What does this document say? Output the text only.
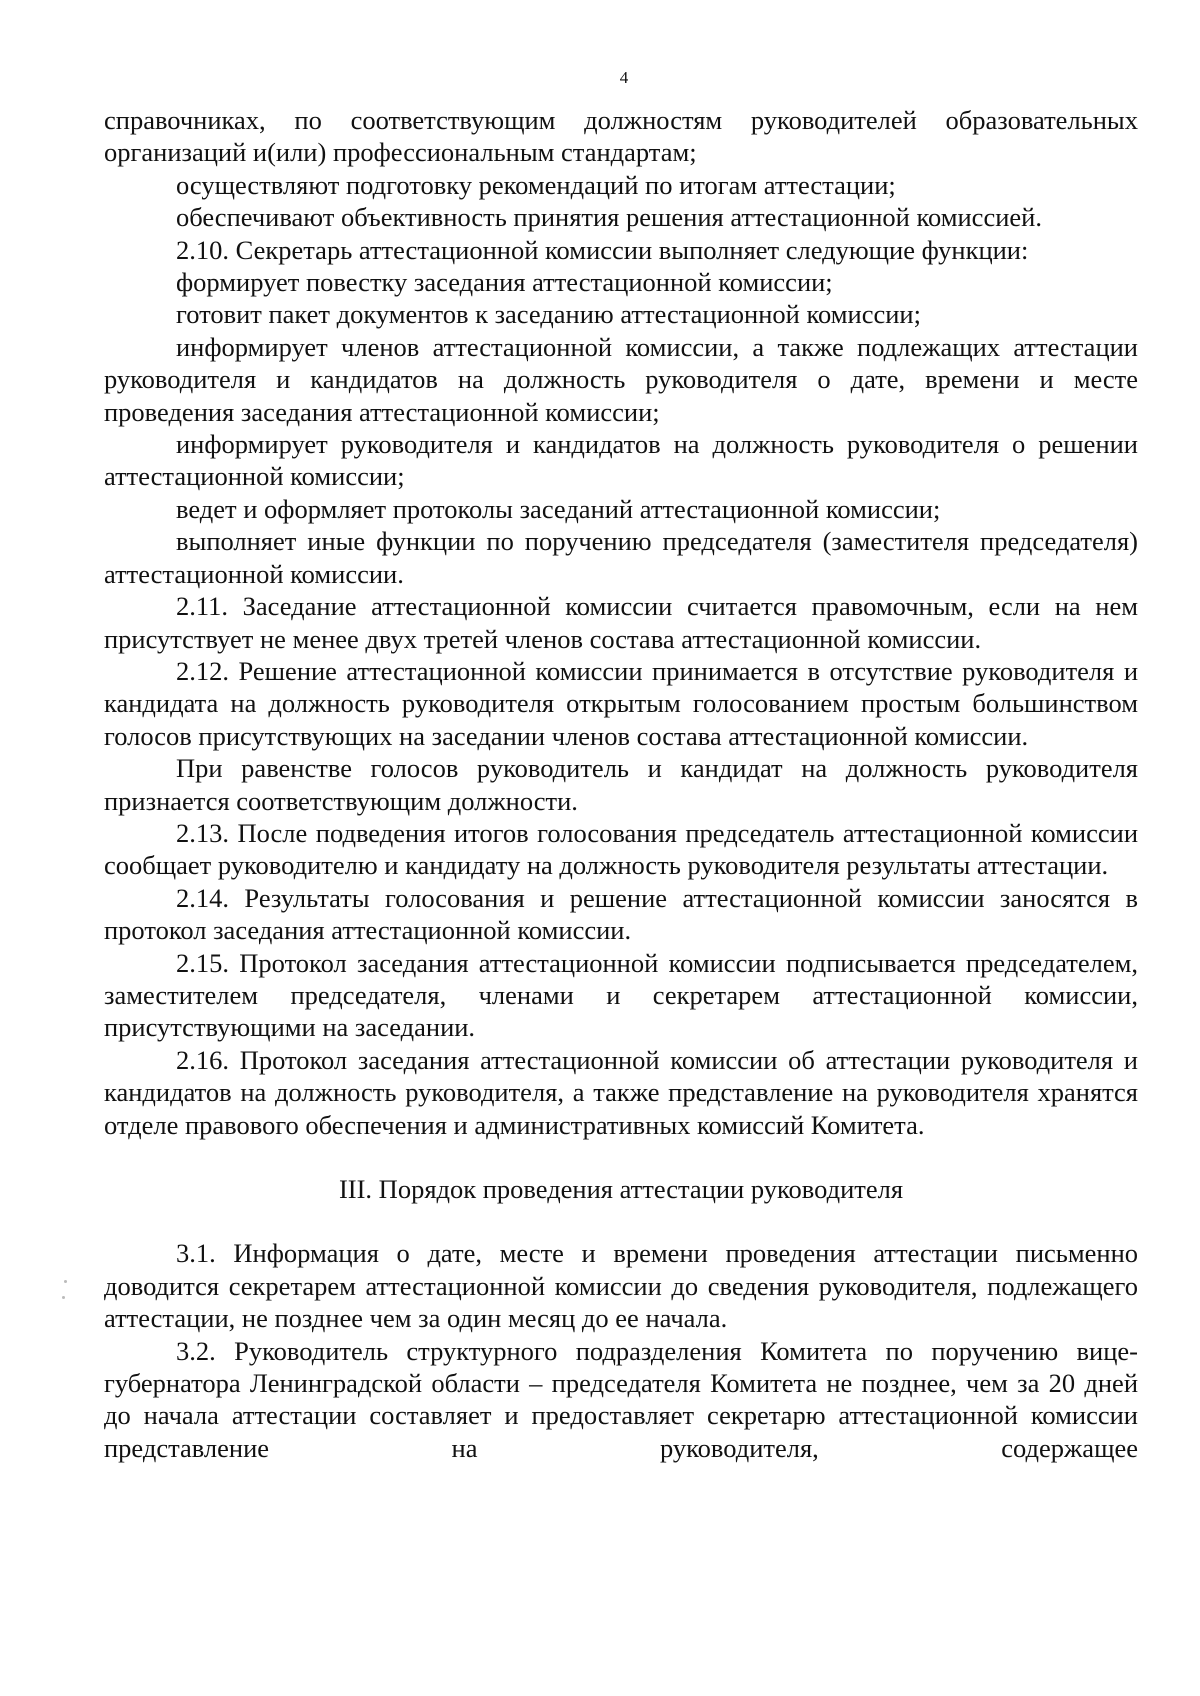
4

справочниках, по соответствующим должностям руководителей образовательных организаций и(или) профессиональным стандартам;

осуществляют подготовку рекомендаций по итогам аттестации;

обеспечивают объективность принятия решения аттестационной комиссией.

2.10. Секретарь аттестационной комиссии выполняет следующие функции:

формирует повестку заседания аттестационной комиссии;

готовит пакет документов к заседанию аттестационной комиссии;

информирует членов аттестационной комиссии, а также подлежащих аттестации руководителя и кандидатов на должность руководителя о дате, времени и месте проведения заседания аттестационной комиссии;

информирует руководителя и кандидатов на должность руководителя о решении аттестационной комиссии;

ведет и оформляет протоколы заседаний аттестационной комиссии;

выполняет иные функции по поручению председателя (заместителя председателя) аттестационной комиссии.

2.11. Заседание аттестационной комиссии считается правомочным, если на нем присутствует не менее двух третей членов состава аттестационной комиссии.

2.12. Решение аттестационной комиссии принимается в отсутствие руководителя и кандидата на должность руководителя открытым голосованием простым большинством голосов присутствующих на заседании членов состава аттестационной комиссии.

При равенстве голосов руководитель и кандидат на должность руководителя признается соответствующим должности.

2.13. После подведения итогов голосования председатель аттестационной комиссии сообщает руководителю и кандидату на должность руководителя результаты аттестации.

2.14. Результаты голосования и решение аттестационной комиссии заносятся в протокол заседания аттестационной комиссии.

2.15. Протокол заседания аттестационной комиссии подписывается председателем, заместителем председателя, членами и секретарем аттестационной комиссии, присутствующими на заседании.

2.16. Протокол заседания аттестационной комиссии об аттестации руководителя и кандидатов на должность руководителя, а также представление на руководителя хранятся отделе правового обеспечения и административных комиссий Комитета.

III. Порядок проведения аттестации руководителя

3.1. Информация о дате, месте и времени проведения аттестации письменно доводится секретарем аттестационной комиссии до сведения руководителя, подлежащего аттестации, не позднее чем за один месяц до ее начала.

3.2. Руководитель структурного подразделения Комитета по поручению вице-губернатора Ленинградской области – председателя Комитета не позднее, чем за 20 дней до начала аттестации составляет и предоставляет секретарю аттестационной комиссии представление на руководителя, содержащее
